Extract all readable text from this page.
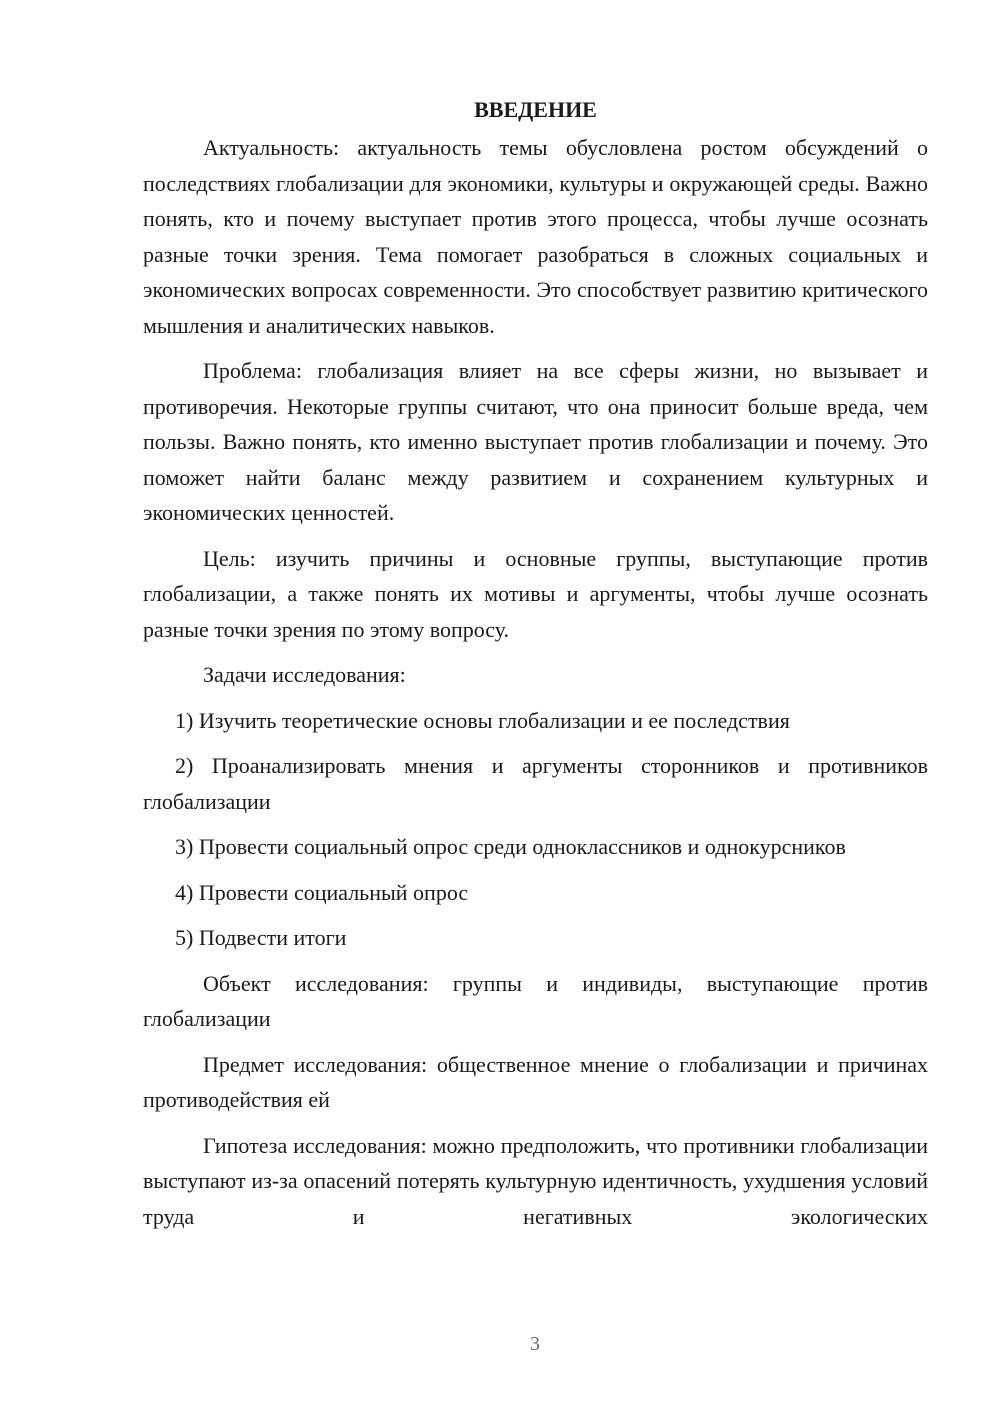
ВВЕДЕНИЕ

Актуальность: актуальность темы обусловлена ростом обсуждений о последствиях глобализации для экономики, культуры и окружающей среды. Важно понять, кто и почему выступает против этого процесса, чтобы лучше осознать разные точки зрения. Тема помогает разобраться в сложных социальных и экономических вопросах современности. Это способствует развитию критического мышления и аналитических навыков.

Проблема: глобализация влияет на все сферы жизни, но вызывает и противоречия. Некоторые группы считают, что она приносит больше вреда, чем пользы. Важно понять, кто именно выступает против глобализации и почему. Это поможет найти баланс между развитием и сохранением культурных и экономических ценностей.

Цель: изучить причины и основные группы, выступающие против глобализации, а также понять их мотивы и аргументы, чтобы лучше осознать разные точки зрения по этому вопросу.

Задачи исследования:

1) Изучить теоретические основы глобализации и ее последствия

2) Проанализировать мнения и аргументы сторонников и противников глобализации

3) Провести социальный опрос среди одноклассников и однокурсников

4) Провести социальный опрос

5) Подвести итоги

Объект исследования: группы и индивиды, выступающие против глобализации

Предмет исследования: общественное мнение о глобализации и причинах противодействия ей

Гипотеза исследования: можно предположить, что противники глобализации выступают из-за опасений потерять культурную идентичность, ухудшения условий труда и негативных экологических

3
